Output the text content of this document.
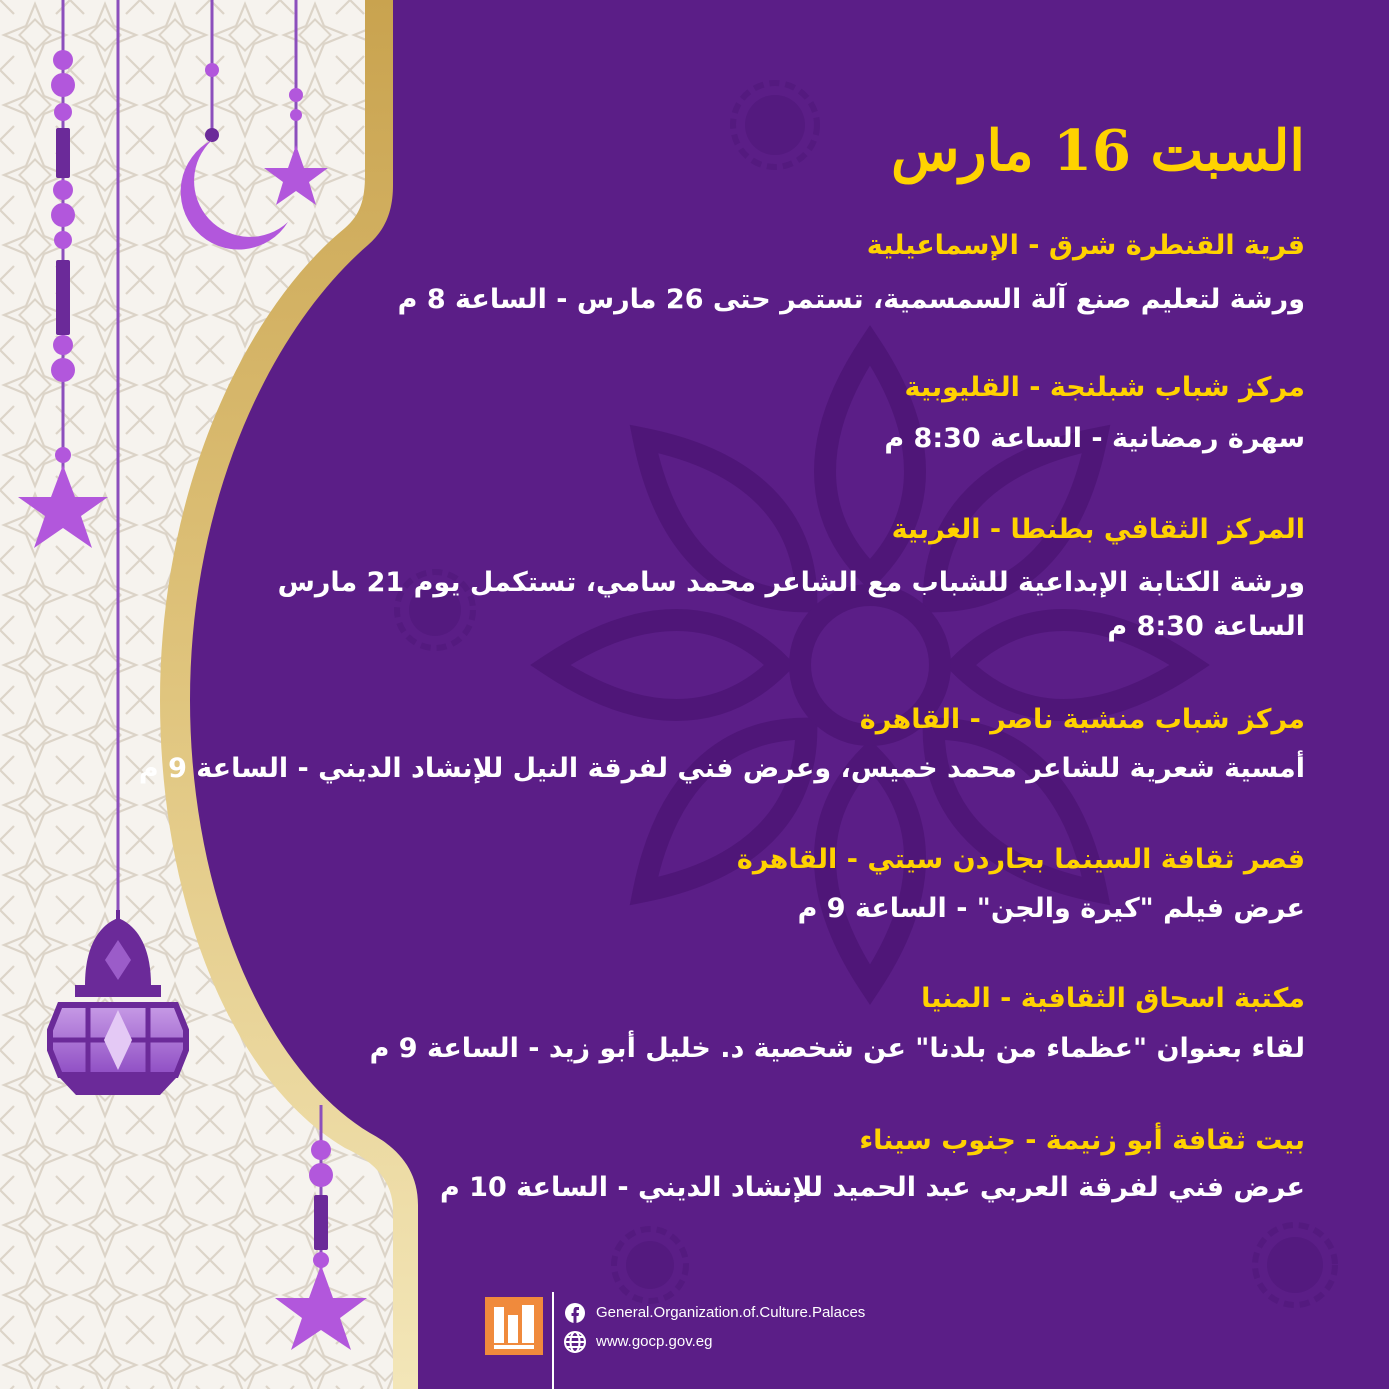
السبت 16 مارس
قرية القنطرة شرق - الإسماعيلية
ورشة لتعليم صنع آلة السمسمية، تستمر حتى 26 مارس - الساعة 8 م
مركز شباب شبلنجة - القليوبية
سهرة رمضانية - الساعة 8:30 م
المركز الثقافي بطنطا - الغربية
ورشة الكتابة الإبداعية للشباب مع الشاعر محمد سامي، تستكمل يوم 21 مارس
الساعة 8:30 م
مركز شباب منشية ناصر - القاهرة
أمسية شعرية للشاعر محمد خميس، وعرض فني لفرقة النيل للإنشاد الديني - الساعة 9 م
قصر ثقافة السينما بجاردن سيتي - القاهرة
عرض فيلم "كيرة والجن" - الساعة 9 م
مكتبة اسحاق الثقافية - المنيا
لقاء بعنوان "عظماء من بلدنا" عن شخصية د. خليل أبو زيد - الساعة 9 م
بيت ثقافة أبو زنيمة - جنوب سيناء
عرض فني لفرقة العربي عبد الحميد للإنشاد الديني - الساعة 10 م
General.Organization.of.Culture.Palaces
www.gocp.gov.eg
